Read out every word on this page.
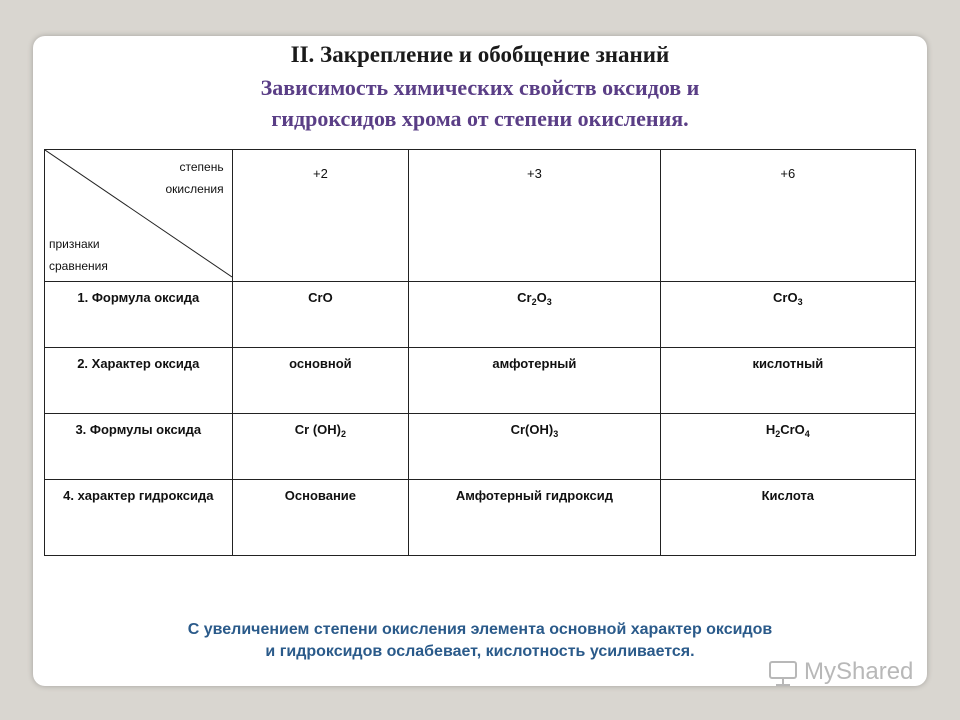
II. Закрепление и обобщение знаний
Зависимость химических свойств оксидов и
гидроксидов хрома от степени окисления.
степень
окисления
признаки
сравнения	+2	+3	+6
1. Формула оксида	CrO	$Cr_2O_3$	CrO$_3$
2. Характер оксида	основной	амфотерный	кислотный
3. Формулы оксида	Cr $(OH)_2$	$Cr(OH)_3$	$H_2CrO_4$
4. характер гидроксида	Основание	Амфотерный гидроксид	Кислота
С увеличением степени окисления элемента основной характер оксидов
и гидроксидов ослабевает, кислотность усиливается.
MyShared
